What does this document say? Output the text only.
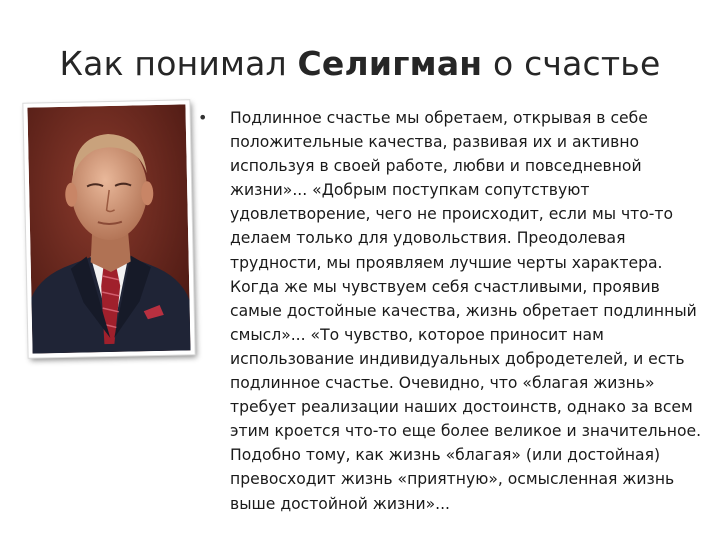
Как понимал Селигман о счастье
•	Подлинное счастье мы обретаем, открывая в себе положительные качества, развивая их и активно используя в своей работе, любви и повседневной жизни»... «Добрым поступкам сопутствуют удовлетворение, чего не происходит, если мы что-то делаем только для удовольствия. Преодолевая трудности, мы проявляем лучшие черты характера. Когда же мы чувствуем себя счастливыми, проявив самые достойные качества, жизнь обретает подлинный смысл»... «То чувство, которое приносит нам использование индивидуальных добродетелей, и есть подлинное счастье. Очевидно, что «благая жизнь» требует реализации наших достоинств, однако за всем этим кроется что-то еще более великое и значительное. Подобно тому, как жизнь «благая» (или достойная) превосходит жизнь «приятную», осмысленная жизнь выше достойной жизни»...
